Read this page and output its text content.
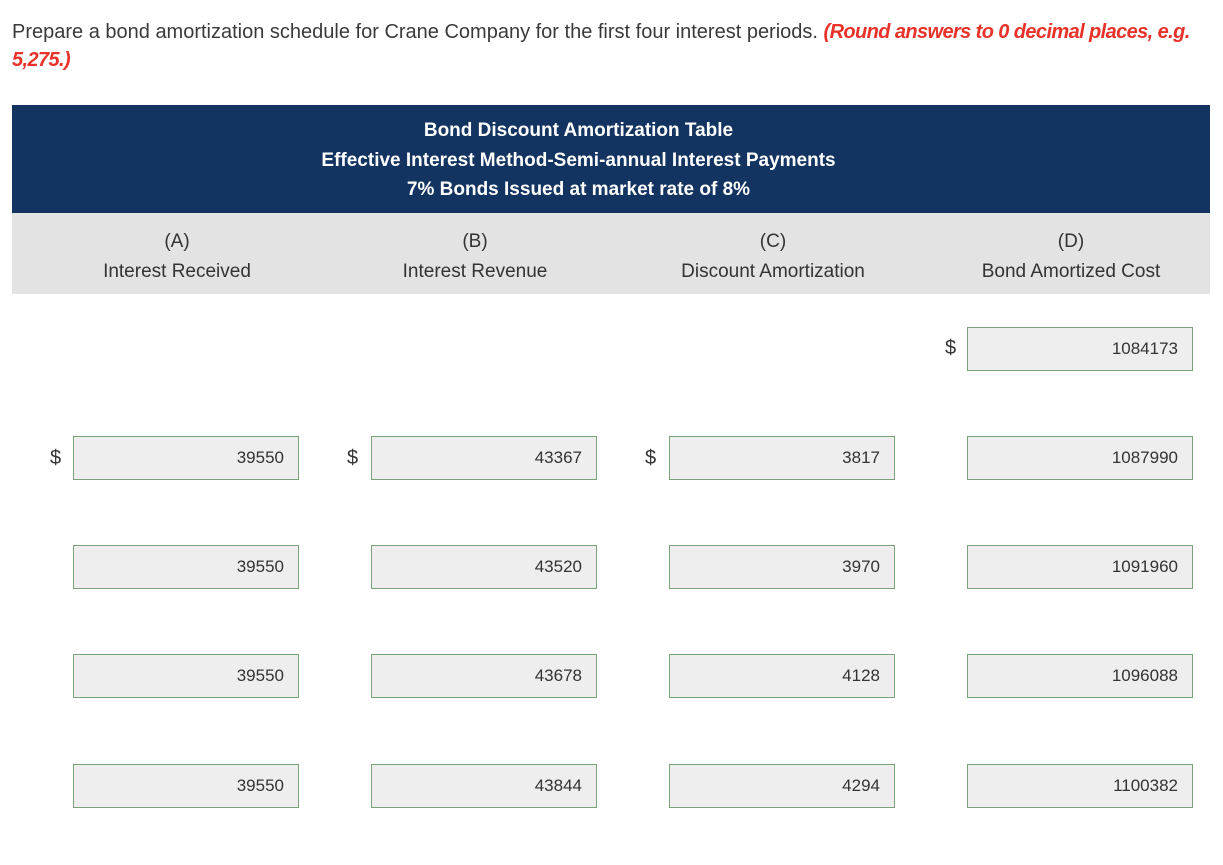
Prepare a bond amortization schedule for Crane Company for the first four interest periods. (Round answers to 0 decimal places, e.g. 5,275.)
Bond Discount Amortization Table
Effective Interest Method-Semi-annual Interest Payments
7% Bonds Issued at market rate of 8%
(A)
Interest Received
(B)
Interest Revenue
(C)
Discount Amortization
(D)
Bond Amortized Cost
$
1084173
$
39550	$
43367	$
3817
1087990
39550
43520
3970
1091960
39550
43678
4128
1096088
39550
43844
4294
1100382
